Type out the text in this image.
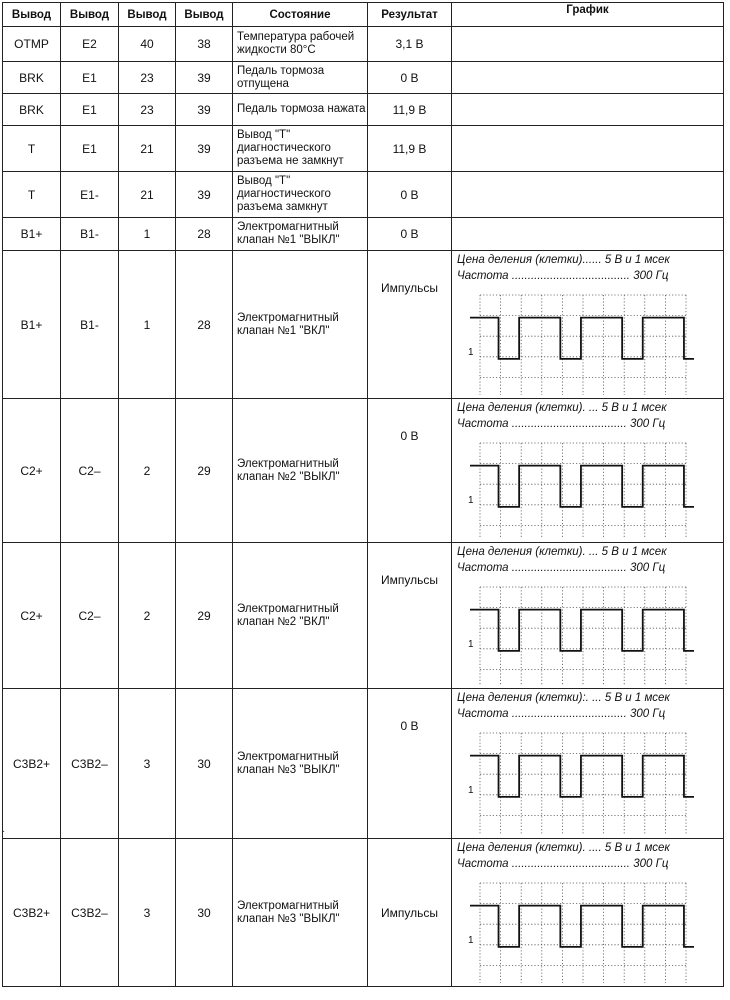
Вывод	Вывод	Вывод	Вывод	Состояние	Результат	График
OTMP	E2	40	38	Температура рабочей жидкости 80°С	3,1 В	
BRK	E1	23	39	Педаль тормоза отпущена	0 В	
BRK	E1	23	39	Педаль тормоза нажата	11,9 В	
T	E1	21	39	Вывод "Т" диагностического разъема не замкнут	11,9 В	
T	E1-	21	39	Вывод "Т" диагностического разъема замкнут	0 В	
B1+	B1-	1	28	Электромагнитный клапан №1 "ВЫКЛ"	0 В	
B1+	B1-	1	28	Электромагнитный клапан №1 "ВКЛ"	Импульсы	Цена деления (клетки)...... 5 В и 1 мсек
Частота ..................................... 300 Гц
1

C2+	C2–	2	29	Электромагнитный клапан №2 "ВЫКЛ"	0 В	Цена деления (клетки). ... 5 В и 1 мсек
Частота .................................... 300 Гц
1

C2+	C2–	2	29	Электромагнитный клапан №2 "ВКЛ"	Импульсы	Цена деления (клетки). ... 5 В и 1 мсек
Частота .................................... 300 Гц
1

C3B2+	C3B2–	3	30	Электромагнитный клапан №3 "ВЫКЛ"	0 В	Цена деления (клетки):. ... 5 В и 1 мсек
Частота .................................... 300 Гц
1

C3B2+	C3B2–	3	30	Электромагнитный клапан №3 "ВЫКЛ"	Импульсы	Цена деления (клетки). .... 5 В и 1 мсек
Частота ..................................... 300 Гц
1
·
